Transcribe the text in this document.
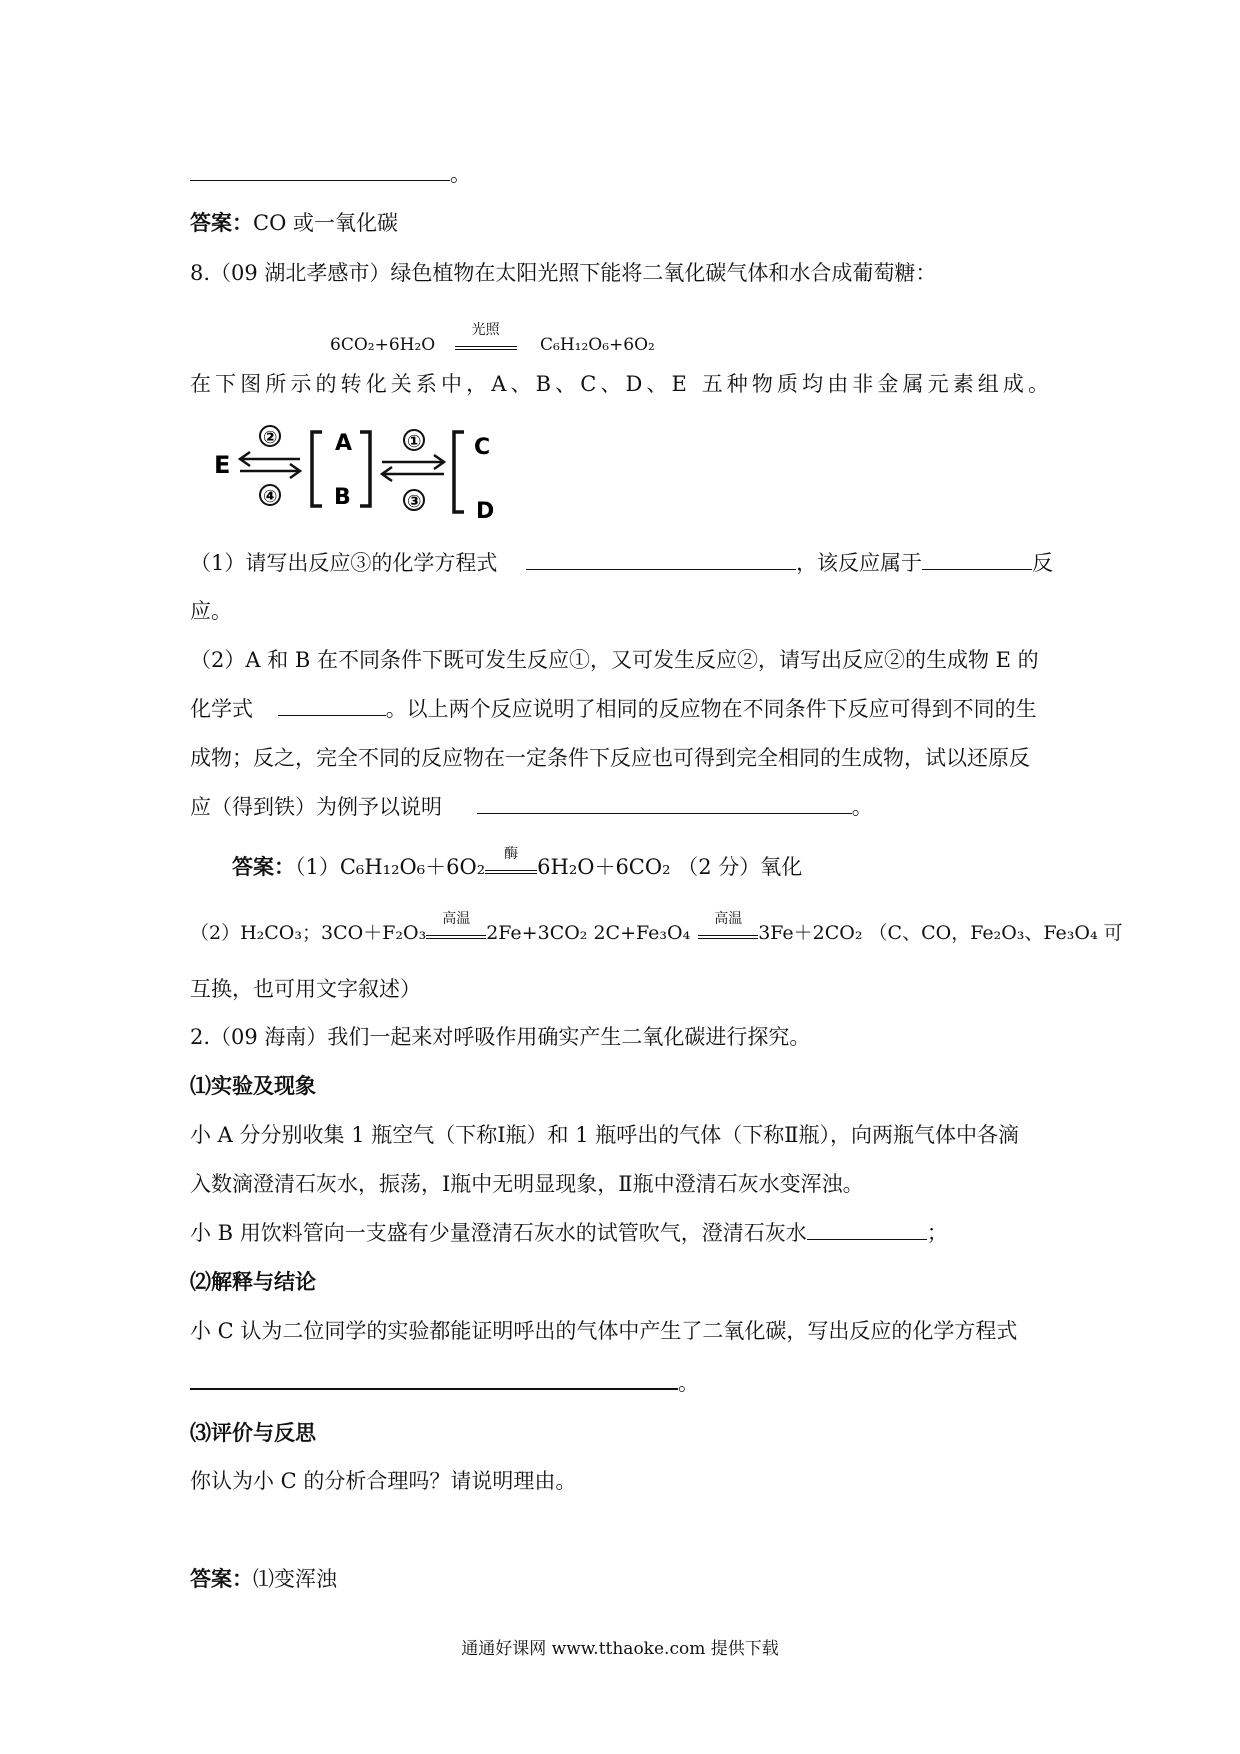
。
答案：CO 或一氧化碳
8.（09 湖北孝感市）绿色植物在太阳光照下能将二氧化碳气体和水合成葡萄糖：
6CO₂+6H₂O
光照
C₆H₁₂O₆+6O₂
在下图所示的转化关系中，A、B、C、D、E 五种物质均由非金属元素组成。
E
②
④
A
B
①
③
C
D
（1）请写出反应③的化学方程式	，该反应属于	反
应。
（2）A 和 B 在不同条件下既可发生反应①，又可发生反应②，请写出反应②的生成物 E 的
化学式	。以上两个反应说明了相同的反应物在不同条件下反应可得到不同的生
成物；反之，完全不同的反应物在一定条件下反应也可得到完全相同的生成物，试以还原反
应（得到铁）为例予以说明	。
答案：（1）C₆H₁₂O₆＋6O₂
酶
6H₂O＋6CO₂ （2 分）氧化
（2）H₂CO₃；3CO＋F₂O₃
高温
2Fe+3CO₂ 2C+Fe₃O₄
高温
3Fe＋2CO₂ （C、CO，Fe₂O₃、Fe₃O₄ 可
互换，也可用文字叙述）
2.（09 海南）我们一起来对呼吸作用确实产生二氧化碳进行探究。
⑴实验及现象
小 A 分分别收集 1 瓶空气（下称Ⅰ瓶）和 1 瓶呼出的气体（下称Ⅱ瓶），向两瓶气体中各滴
入数滴澄清石灰水，振荡，Ⅰ瓶中无明显现象，Ⅱ瓶中澄清石灰水变浑浊。
小 B 用饮料管向一支盛有少量澄清石灰水的试管吹气，澄清石灰水	；
⑵解释与结论
小 C 认为二位同学的实验都能证明呼出的气体中产生了二氧化碳，写出反应的化学方程式
。
⑶评价与反思
你认为小 C 的分析合理吗？请说明理由。
答案：⑴变浑浊
通通好课网 www.tthaoke.com 提供下载
